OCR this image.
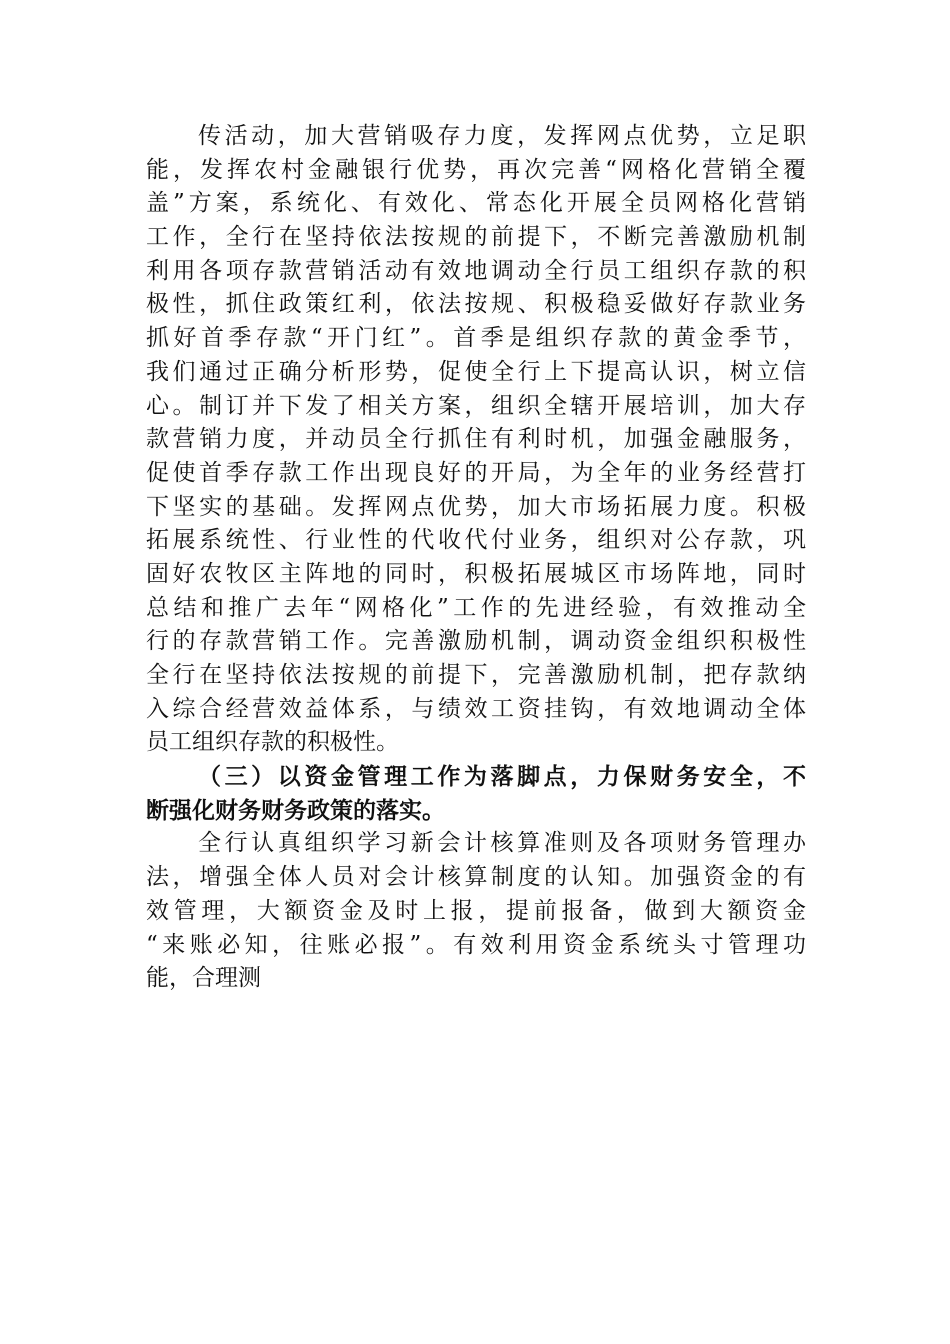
传活动，加大营销吸存力度，发挥网点优势，立足职
能，发挥农村金融银行优势，再次完善“网格化营销全覆
盖”方案，系统化、有效化、常态化开展全员网格化营销
工作，全行在坚持依法按规的前提下，不断完善激励机制
利用各项存款营销活动有效地调动全行员工组织存款的积
极性，抓住政策红利，依法按规、积极稳妥做好存款业务
抓好首季存款“开门红”。首季是组织存款的黄金季节，
我们通过正确分析形势，促使全行上下提高认识，树立信
心。制订并下发了相关方案，组织全辖开展培训，加大存
款营销力度，并动员全行抓住有利时机，加强金融服务，
促使首季存款工作出现良好的开局，为全年的业务经营打
下坚实的基础。发挥网点优势，加大市场拓展力度。积极
拓展系统性、行业性的代收代付业务，组织对公存款，巩
固好农牧区主阵地的同时，积极拓展城区市场阵地，同时
总结和推广去年“网格化”工作的先进经验，有效推动全
行的存款营销工作。完善激励机制，调动资金组织积极性
全行在坚持依法按规的前提下，完善激励机制，把存款纳
入综合经营效益体系，与绩效工资挂钩，有效地调动全体
员工组织存款的积极性。
（三）以资金管理工作为落脚点，力保财务安全，不
断强化财务财务政策的落实。
全行认真组织学习新会计核算准则及各项财务管理办
法，增强全体人员对会计核算制度的认知。加强资金的有
效管理，大额资金及时上报，提前报备，做到大额资金
“来账必知，往账必报”。有效利用资金系统头寸管理功
能，合理测
